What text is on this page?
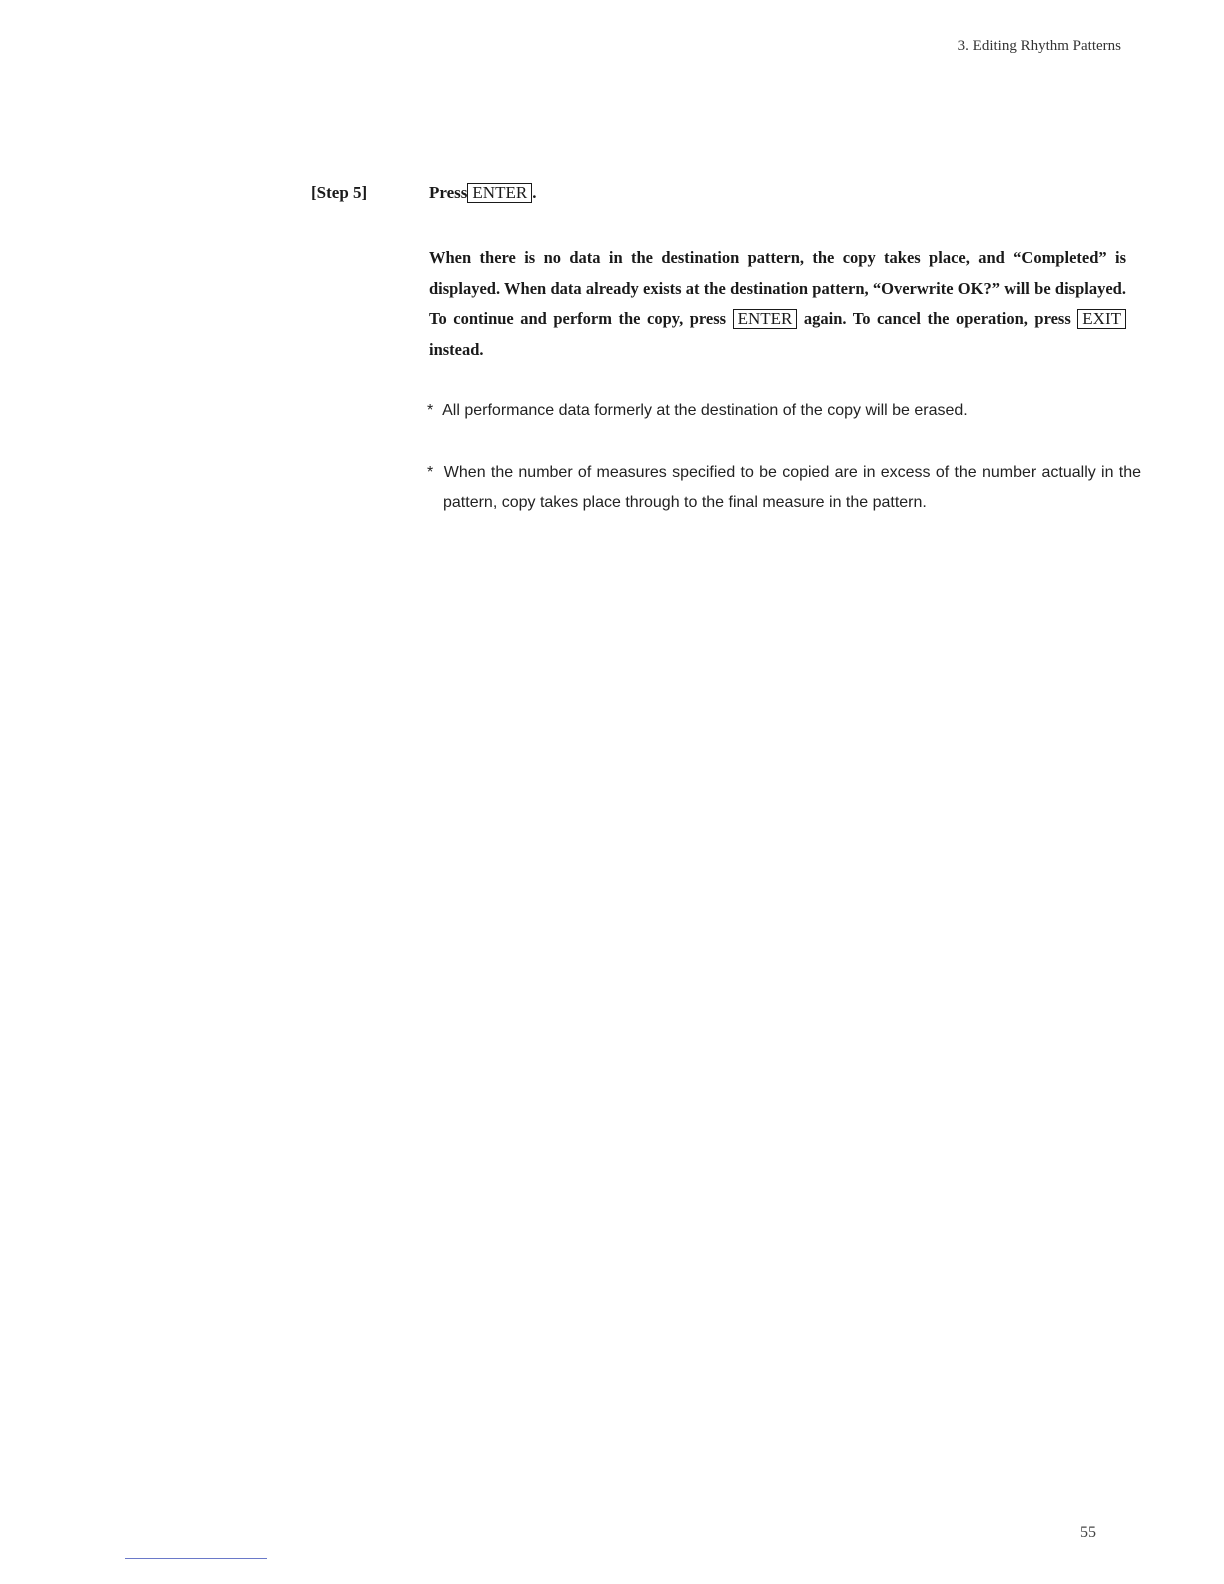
3. Editing Rhythm Patterns
[Step 5]	Press ENTER .

When there is no data in the destination pattern, the copy takes place, and “Completed” is displayed. When data already exists at the destination pattern, “Overwrite OK?” will be displayed. To continue and perform the copy, press ENTER again. To cancel the operation, press EXIT instead.

* All performance data formerly at the destination of the copy will be erased.

* When the number of measures specified to be copied are in excess of the number actually in the pattern, copy takes place through to the final measure in the pattern.

55
